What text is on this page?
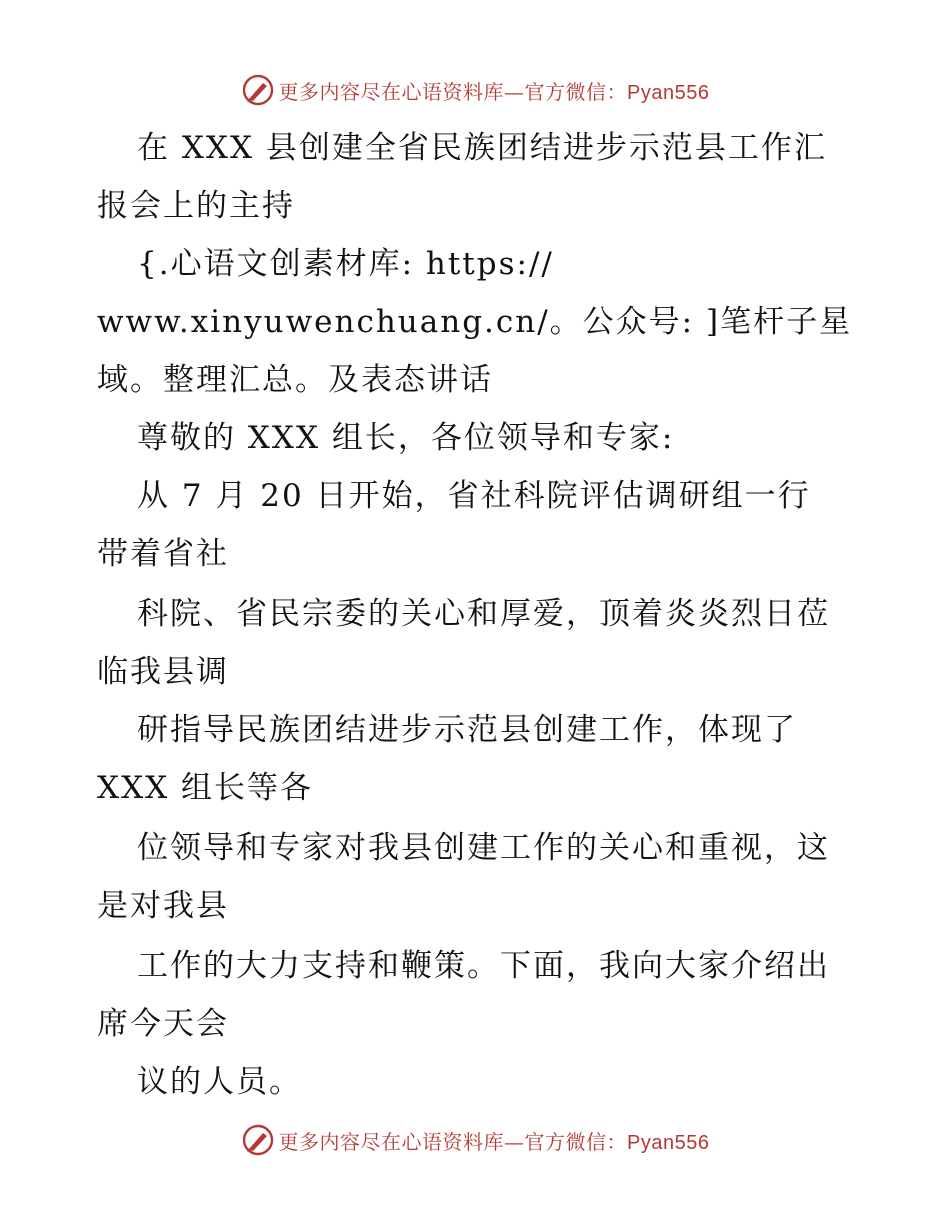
更多内容尽在心语资料库—官方微信：Pyan556
在 XXX 县创建全省民族团结进步示范县工作汇
报会上的主持
{.心语文创素材库: https://
www.xinyuwenchuang.cn/。公众号: ]笔杆子星
域。整理汇总。及表态讲话
尊敬的 XXX 组长，各位领导和专家:
从 7 月 20 日开始，省社科院评估调研组一行
带着省社
科院、省民宗委的关心和厚爱，顶着炎炎烈日莅
临我县调
研指导民族团结进步示范县创建工作，体现了
XXX 组长等各
位领导和专家对我县创建工作的关心和重视，这
是对我县
工作的大力支持和鞭策。下面，我向大家介绍出
席今天会
议的人员。
更多内容尽在心语资料库—官方微信：Pyan556
